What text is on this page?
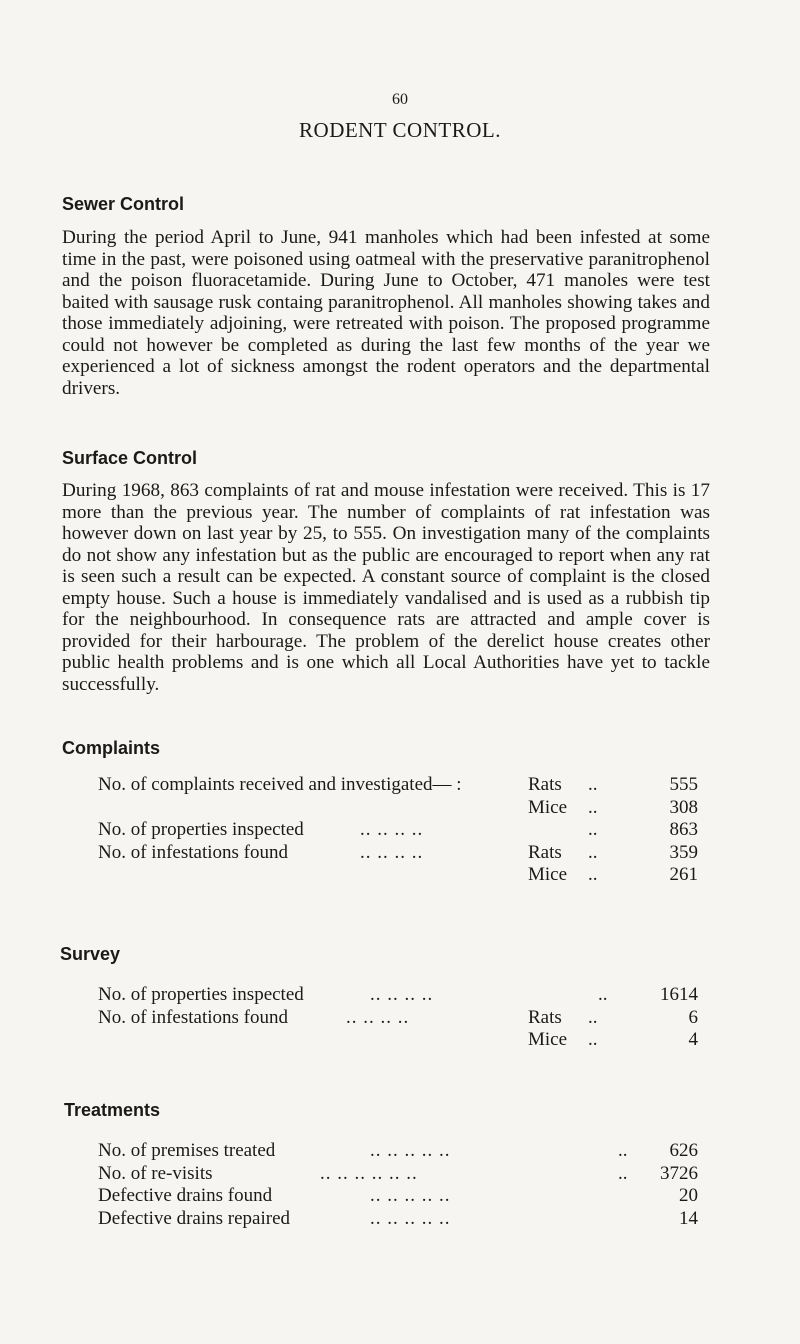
60
RODENT CONTROL.
Sewer Control

During the period April to June, 941 manholes which had been infested at some time in the past, were poisoned using oatmeal with the preservative paranitrophenol and the poison fluoracetamide. During June to October, 471 manoles were test baited with sausage rusk containg paranitrophenol. All manholes showing takes and those immediately adjoining, were retreated with poison. The proposed programme could not however be completed as during the last few months of the year we experienced a lot of sickness amongst the rodent operators and the departmental drivers.

Surface Control

During 1968, 863 complaints of rat and mouse infestation were received. This is 17 more than the previous year. The number of complaints of rat infestation was however down on last year by 25, to 555. On investigation many of the complaints do not show any infestation but as the public are encouraged to report when any rat is seen such a result can be expected. A constant source of complaint is the closed empty house. Such a house is immediately vandalised and is used as a rubbish tip for the neighbourhood. In consequence rats are attracted and ample cover is provided for their harbourage. The problem of the derelict house creates other public health problems and is one which all Local Authorities have yet to tackle successfully.

Complaints
No. of complaints received and investigated— :	Rats ..	555
Mice ..	308
No. of properties inspected	.. .. .. ..	..	863
No. of infestations found	.. .. .. ..	Rats ..	359
Mice ..	261
Survey
No. of properties inspected	.. .. .. ..	..	1614
No. of infestations found	.. .. .. ..	Rats ..	6
Mice ..	4
Treatments
No. of premises treated	.. .. .. .. ..	.. 626
No. of re-visits	.. .. .. .. .. ..	.. 3726
Defective drains found	.. .. .. .. ..	20
Defective drains repaired	.. .. .. .. ..	14
